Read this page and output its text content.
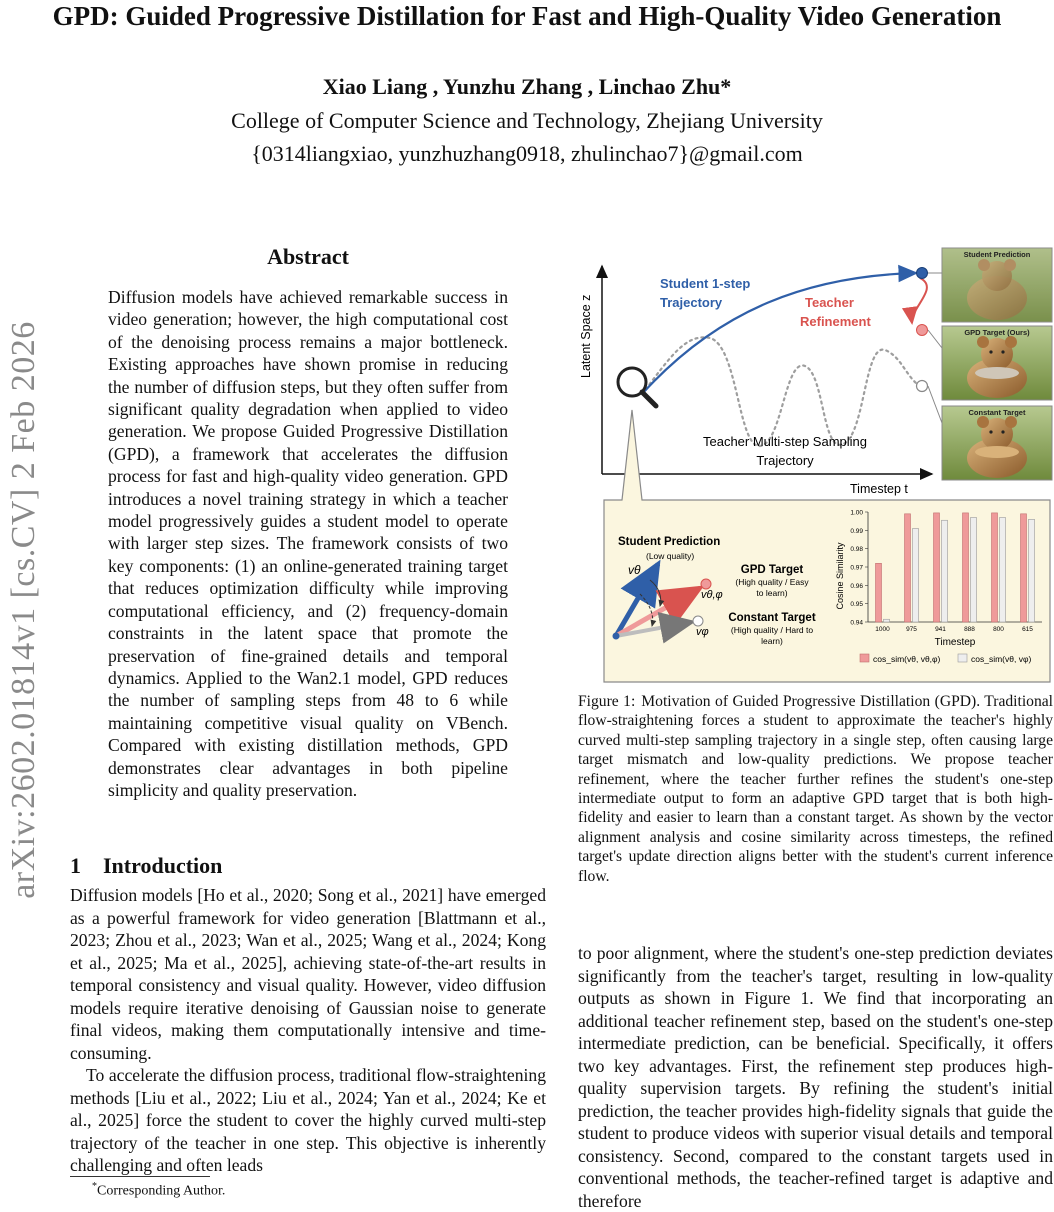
GPD: Guided Progressive Distillation for Fast and High-Quality Video Generation
Xiao Liang , Yunzhu Zhang , Linchao Zhu*
College of Computer Science and Technology, Zhejiang University
{0314liangxiao, yunzhuzhang0918, zhulinchao7}@gmail.com
arXiv:2602.01814v1 [cs.CV] 2 Feb 2026
Abstract
Diffusion models have achieved remarkable success in video generation; however, the high computational cost of the denoising process remains a major bottleneck. Existing approaches have shown promise in reducing the number of diffusion steps, but they often suffer from significant quality degradation when applied to video generation. We propose Guided Progressive Distillation (GPD), a framework that accelerates the diffusion process for fast and high-quality video generation. GPD introduces a novel training strategy in which a teacher model progressively guides a student model to operate with larger step sizes. The framework consists of two key components: (1) an online-generated training target that reduces optimization difficulty while improving computational efficiency, and (2) frequency-domain constraints in the latent space that promote the preservation of fine-grained details and temporal dynamics. Applied to the Wan2.1 model, GPD reduces the number of sampling steps from 48 to 6 while maintaining competitive visual quality on VBench. Compared with existing distillation methods, GPD demonstrates clear advantages in both pipeline simplicity and quality preservation.
1 Introduction

Diffusion models [Ho et al., 2020; Song et al., 2021] have emerged as a powerful framework for video generation [Blattmann et al., 2023; Zhou et al., 2023; Wan et al., 2025; Wang et al., 2024; Kong et al., 2025; Ma et al., 2025], achieving state-of-the-art results in temporal consistency and visual quality. However, video diffusion models require iterative denoising of Gaussian noise to generate final videos, making them computationally intensive and time-consuming.

To accelerate the diffusion process, traditional flow-straightening methods [Liu et al., 2022; Liu et al., 2024; Yan et al., 2024; Ke et al., 2025] force the student to cover the highly curved multi-step trajectory of the teacher in one step. This objective is inherently challenging and often leads

*Corresponding Author.
Latent Space z
Timestep t
Student 1-step
Trajectory	Teacher
Refinement
Teacher Multi-step Sampling
Trajectory
Student Prediction
GPD Target (Ours)
Constant Target
Student Prediction
(Low quality)
vθ
vθ,φ
vφ
GPD Target
(High quality / Easy
to learn)
Constant Target
(High quality / Hard to
learn)
Cosine Similarity
Timestep
0.94
0.95
0.96
0.97
0.98
0.99
1.00
1000	975	941	888	800	615
cos_sim(vθ, vθ,φ)	cos_sim(vθ, vφ)
Figure 1: Motivation of Guided Progressive Distillation (GPD). Traditional flow-straightening forces a student to approximate the teacher's highly curved multi-step sampling trajectory in a single step, often causing large target mismatch and low-quality predictions. We propose teacher refinement, where the teacher further refines the student's one-step intermediate output to form an adaptive GPD target that is both high-fidelity and easier to learn than a constant target. As shown by the vector alignment analysis and cosine similarity across timesteps, the refined target's update direction aligns better with the student's current inference flow.
to poor alignment, where the student's one-step prediction deviates significantly from the teacher's target, resulting in low-quality outputs as shown in Figure 1. We find that incorporating an additional teacher refinement step, based on the student's one-step intermediate prediction, can be beneficial. Specifically, it offers two key advantages. First, the refinement step produces high-quality supervision targets. By refining the student's initial prediction, the teacher provides high-fidelity signals that guide the student to produce videos with superior visual details and temporal consistency. Second, compared to the constant targets used in conventional methods, the teacher-refined target is adaptive and therefore
